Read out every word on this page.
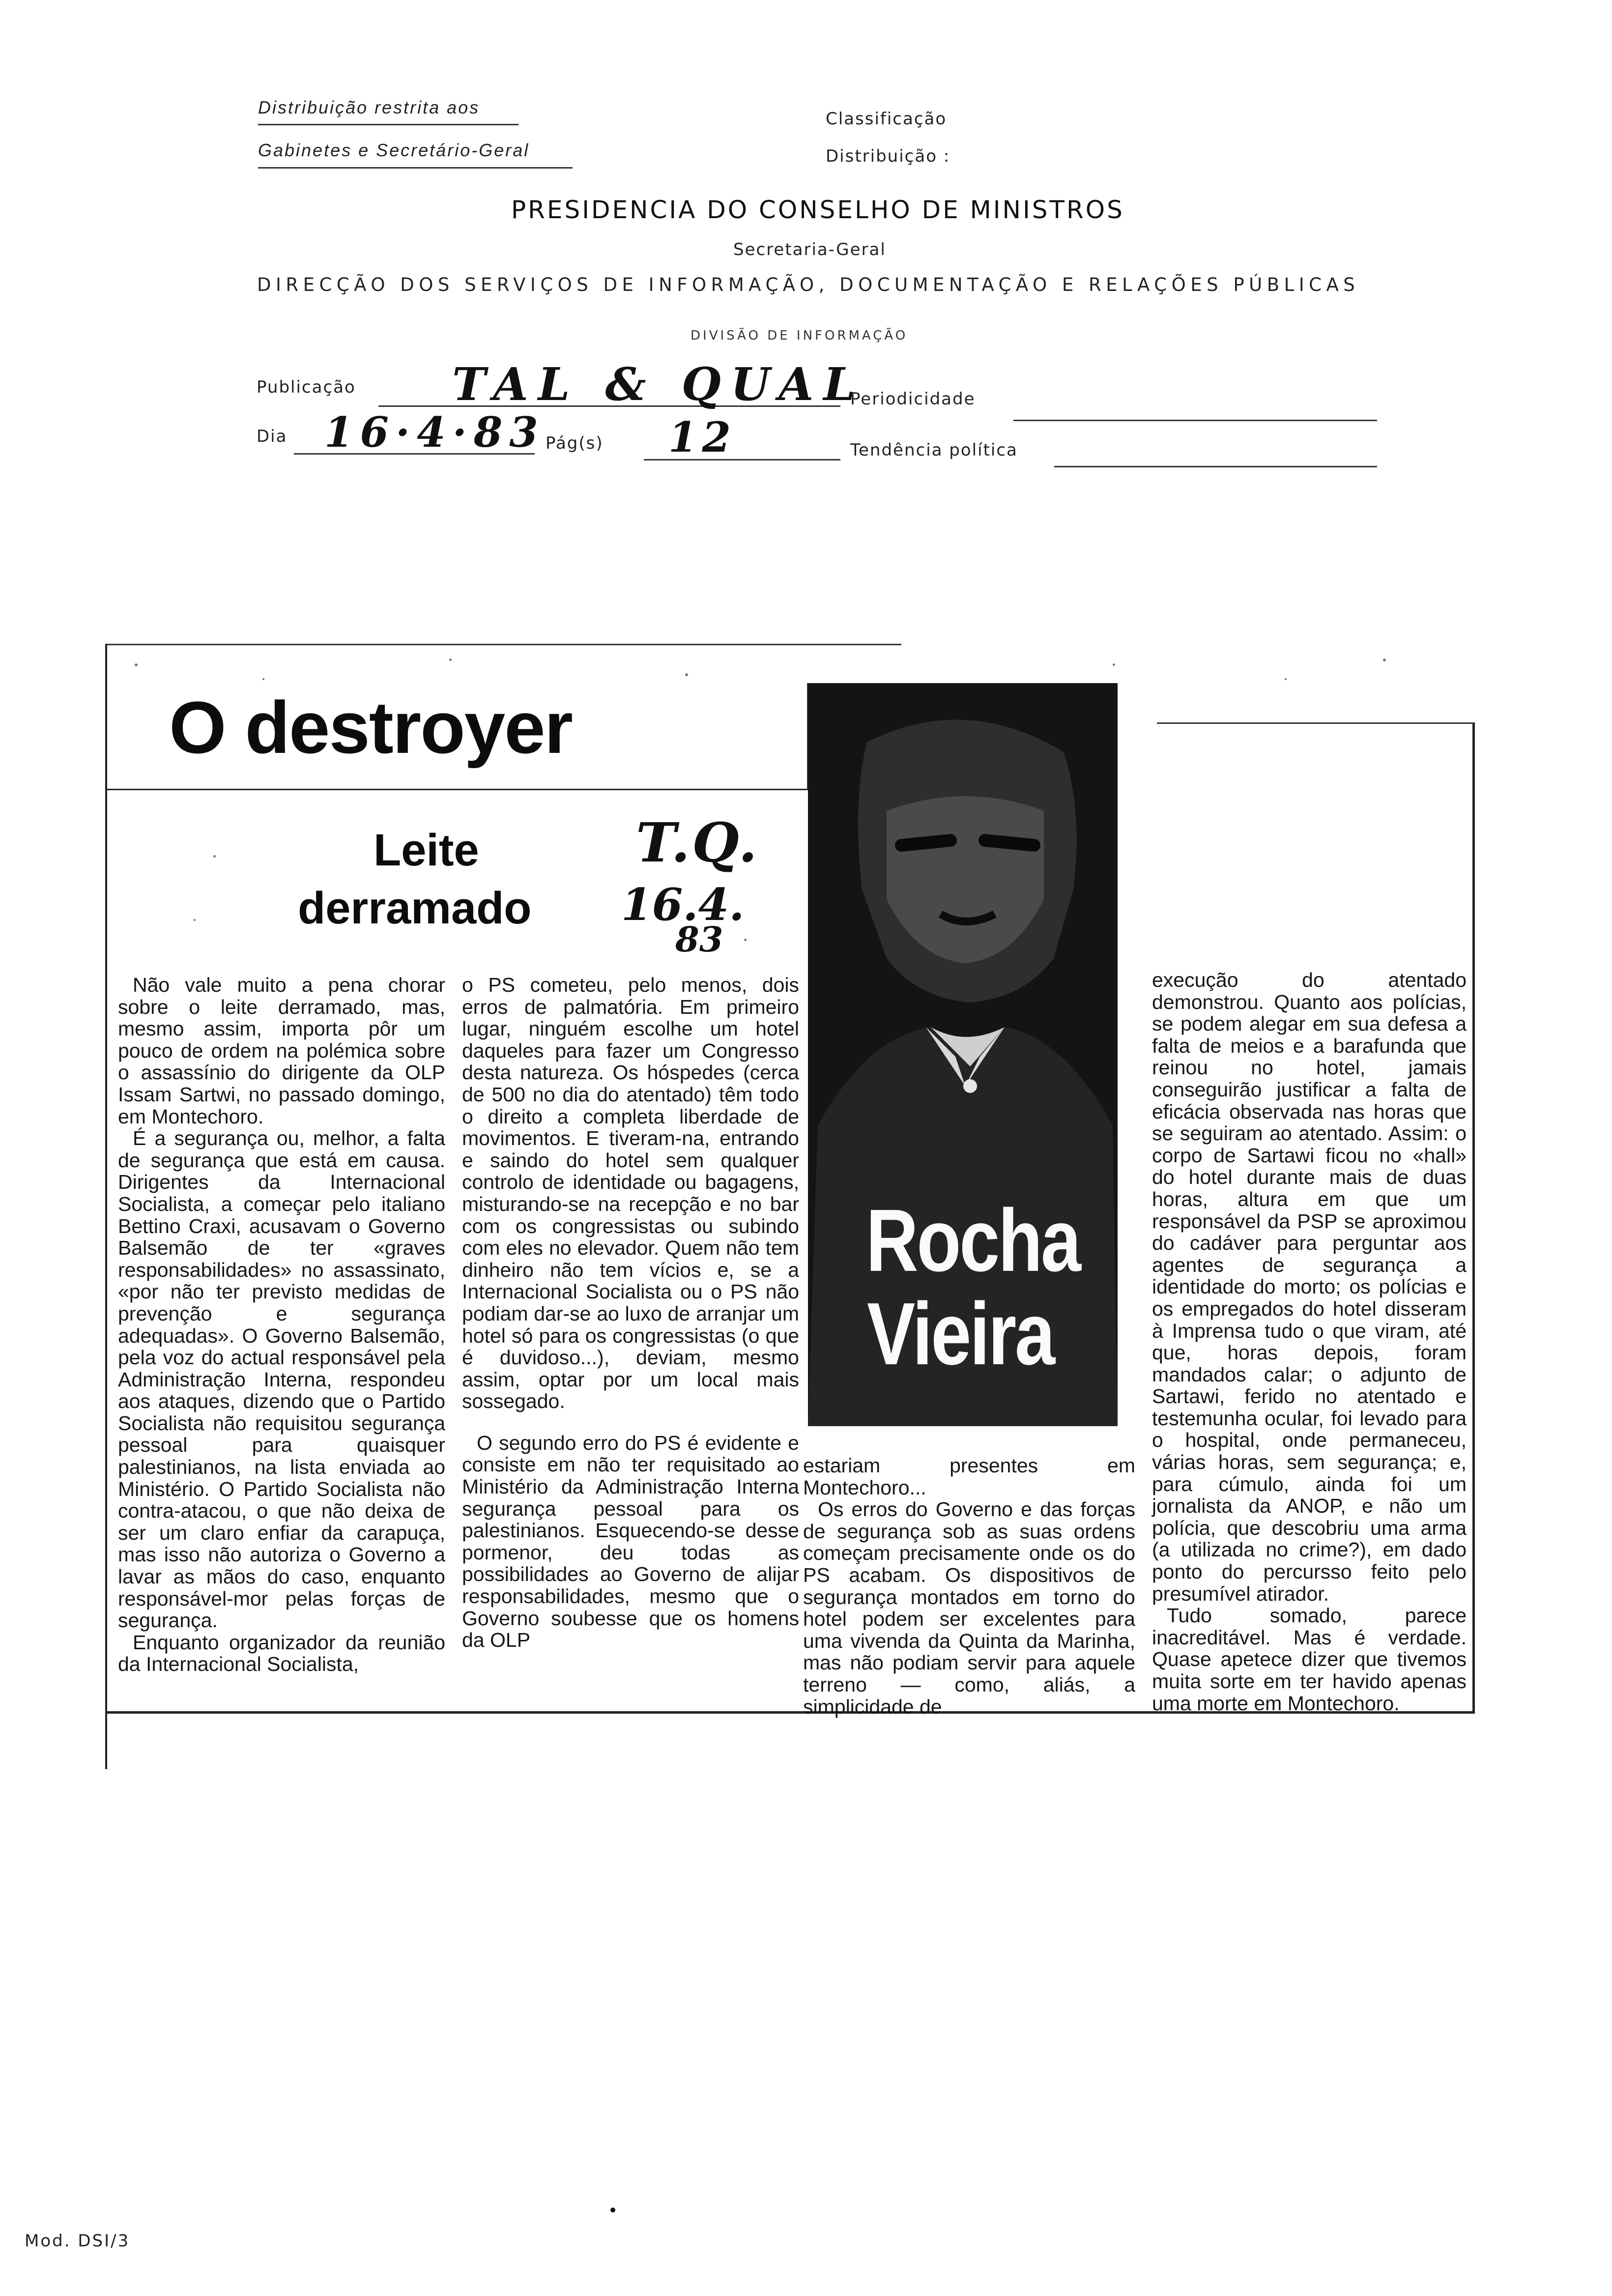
Distribuição restrita aos
Gabinetes e Secretário-Geral
Classificação
Distribuição :
PRESIDENCIA DO CONSELHO DE MINISTROS
Secretaria-Geral
DIRECÇÃO DOS SERVIÇOS DE INFORMAÇÃO, DOCUMENTAÇÃO E RELAÇÕES PÚBLICAS
DIVISÃO DE INFORMAÇÃO
Publicação TAL & QUAL
Periodicidade
Dia 16·4·83 Pág(s) 12	Tendência política
O destroyer
Leite
derramado
T.Q.
16.4.
83
Rocha
Vieira

Não vale muito a pena chorar sobre o leite derramado, mas, mesmo assim, importa pôr um pouco de ordem na polémica sobre o assassínio do dirigente da OLP Issam Sartwi, no passado domingo, em Montechoro.

É a segurança ou, melhor, a falta de segurança que está em causa. Dirigentes da Internacional Socialista, a começar pelo italiano Bettino Craxi, acusavam o Governo Balsemão de ter «graves responsabilidades» no assassinato, «por não ter previsto medidas de prevenção e segurança adequadas». O Governo Balsemão, pela voz do actual responsável pela Administração Interna, respondeu aos ataques, dizendo que o Partido Socialista não requisitou segurança pessoal para quaisquer palestinianos, na lista enviada ao Ministério. O Partido Socialista não contra-atacou, o que não deixa de ser um claro enfiar da carapuça, mas isso não autoriza o Governo a lavar as mãos do caso, enquanto responsável-mor pelas forças de segurança.

Enquanto organizador da reunião da Internacional Socialista,

o PS cometeu, pelo menos, dois erros de palmatória. Em primeiro lugar, ninguém escolhe um hotel daqueles para fazer um Congresso desta natureza. Os hóspedes (cerca de 500 no dia do atentado) têm todo o direito a completa liberdade de movimentos. E tiveram-na, entrando e saindo do hotel sem qualquer controlo de identidade ou bagagens, misturando-se na recepção e no bar com os congressistas ou subindo com eles no elevador. Quem não tem dinheiro não tem vícios e, se a Internacional Socialista ou o PS não podiam dar-se ao luxo de arranjar um hotel só para os congressistas (o que é duvidoso...), deviam, mesmo assim, optar por um local mais sossegado.

O segundo erro do PS é evidente e consiste em não ter requisitado ao Ministério da Administração Interna segurança pessoal para os palestinianos. Esquecendo-se desse pormenor, deu todas as possibilidades ao Governo de alijar responsabilidades, mesmo que o Governo soubesse que os homens da OLP

estariam presentes em Montechoro...

Os erros do Governo e das forças de segurança sob as suas ordens começam precisamente onde os do PS acabam. Os dispositivos de segurança montados em torno do hotel podem ser excelentes para uma vivenda da Quinta da Marinha, mas não podiam servir para aquele terreno — como, aliás, a simplicidade de

execução do atentado demonstrou. Quanto aos polícias, se podem alegar em sua defesa a falta de meios e a barafunda que reinou no hotel, jamais conseguirão justificar a falta de eficácia observada nas horas que se seguiram ao atentado. Assim: o corpo de Sartawi ficou no «hall» do hotel durante mais de duas horas, altura em que um responsável da PSP se aproximou do cadáver para perguntar aos agentes de segurança a identidade do morto; os polícias e os empregados do hotel disseram à Imprensa tudo o que viram, até que, horas depois, foram mandados calar; o adjunto de Sartawi, ferido no atentado e testemunha ocular, foi levado para o hospital, onde permaneceu, várias horas, sem segurança; e, para cúmulo, ainda foi um jornalista da ANOP, e não um polícia, que descobriu uma arma (a utilizada no crime?), em dado ponto do percursso feito pelo presumível atirador.

Tudo somado, parece inacreditável. Mas é verdade. Quase apetece dizer que tivemos muita sorte em ter havido apenas uma morte em Montechoro.

Mod. DSI/3
